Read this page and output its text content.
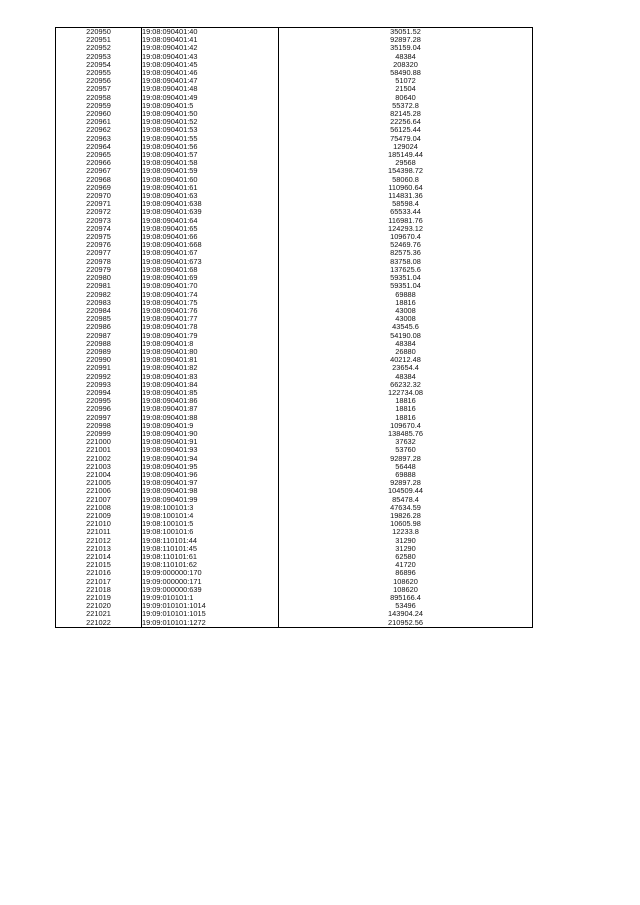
220950	19:08:090401:40	35051.52
220951	19:08:090401:41	92897.28
220952	19:08:090401:42	35159.04
220953	19:08:090401:43	48384
220954	19:08:090401:45	208320
220955	19:08:090401:46	58490.88
220956	19:08:090401:47	51072
220957	19:08:090401:48	21504
220958	19:08:090401:49	80640
220959	19:08:090401:5	55372.8
220960	19:08:090401:50	82145.28
220961	19:08:090401:52	22256.64
220962	19:08:090401:53	56125.44
220963	19:08:090401:55	75479.04
220964	19:08:090401:56	129024
220965	19:08:090401:57	185149.44
220966	19:08:090401:58	29568
220967	19:08:090401:59	154398.72
220968	19:08:090401:60	58060.8
220969	19:08:090401:61	110960.64
220970	19:08:090401:63	114831.36
220971	19:08:090401:638	58598.4
220972	19:08:090401:639	65533.44
220973	19:08:090401:64	116981.76
220974	19:08:090401:65	124293.12
220975	19:08:090401:66	109670.4
220976	19:08:090401:668	52469.76
220977	19:08:090401:67	82575.36
220978	19:08:090401:673	83758.08
220979	19:08:090401:68	137625.6
220980	19:08:090401:69	59351.04
220981	19:08:090401:70	59351.04
220982	19:08:090401:74	69888
220983	19:08:090401:75	18816
220984	19:08:090401:76	43008
220985	19:08:090401:77	43008
220986	19:08:090401:78	43545.6
220987	19:08:090401:79	54190.08
220988	19:08:090401:8	48384
220989	19:08:090401:80	26880
220990	19:08:090401:81	40212.48
220991	19:08:090401:82	23654.4
220992	19:08:090401:83	48384
220993	19:08:090401:84	66232.32
220994	19:08:090401:85	122734.08
220995	19:08:090401:86	18816
220996	19:08:090401:87	18816
220997	19:08:090401:88	18816
220998	19:08:090401:9	109670.4
220999	19:08:090401:90	138485.76
221000	19:08:090401:91	37632
221001	19:08:090401:93	53760
221002	19:08:090401:94	92897.28
221003	19:08:090401:95	56448
221004	19:08:090401:96	69888
221005	19:08:090401:97	92897.28
221006	19:08:090401:98	104509.44
221007	19:08:090401:99	85478.4
221008	19:08:100101:3	47634.59
221009	19:08:100101:4	19826.28
221010	19:08:100101:5	10605.98
221011	19:08:100101:6	12233.8
221012	19:08:110101:44	31290
221013	19:08:110101:45	31290
221014	19:08:110101:61	62580
221015	19:08:110101:62	41720
221016	19:09:000000:170	86896
221017	19:09:000000:171	108620
221018	19:09:000000:639	108620
221019	19:09:010101:1	895166.4
221020	19:09:010101:1014	53496
221021	19:09:010101:1015	143904.24
221022	19:09:010101:1272	210952.56
